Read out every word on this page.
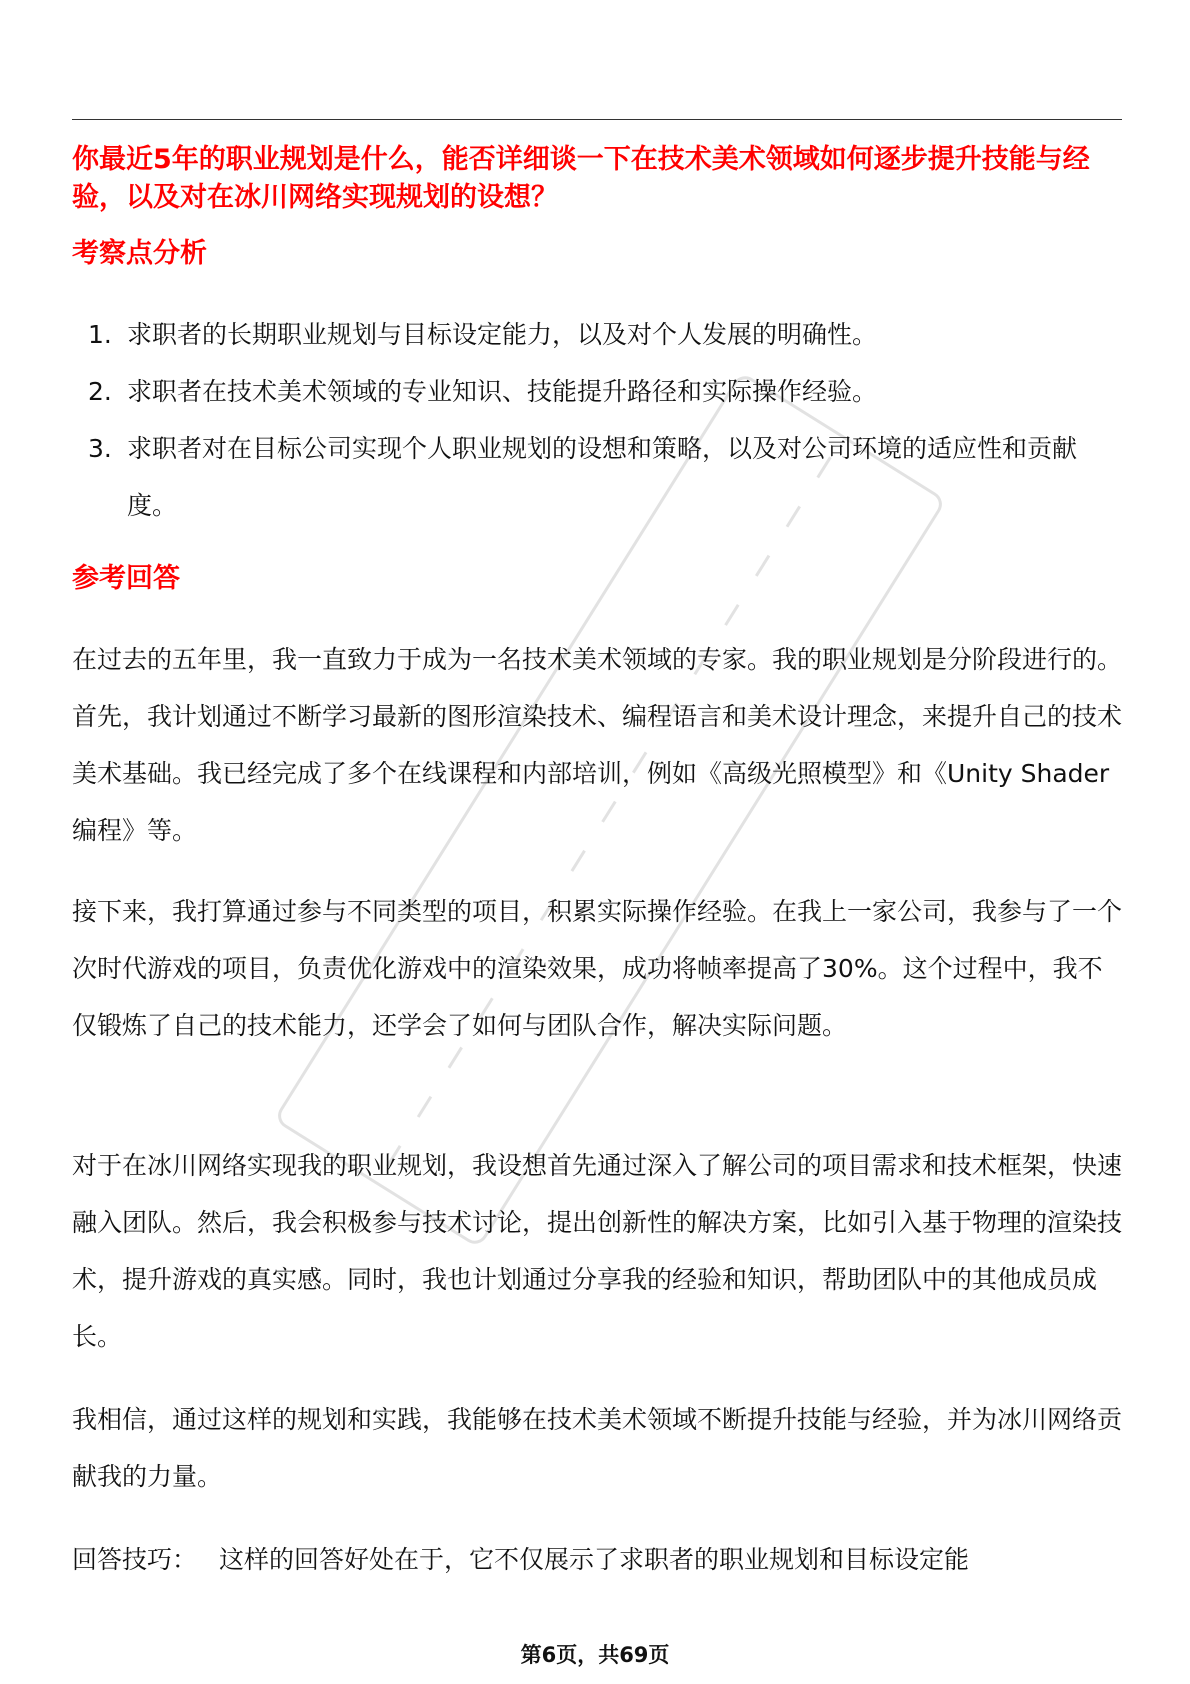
你最近5年的职业规划是什么，能否详细谈一下在技术美术领域如何逐步提升技能与经验，以及对在冰川网络实现规划的设想？

考察点分析
1. 求职者的长期职业规划与目标设定能力，以及对个人发展的明确性。
2. 求职者在技术美术领域的专业知识、技能提升路径和实际操作经验。
3. 求职者对在目标公司实现个人职业规划的设想和策略，以及对公司环境的适应性和贡献度。
参考回答

在过去的五年里，我一直致力于成为一名技术美术领域的专家。我的职业规划是分阶段进行的。首先，我计划通过不断学习最新的图形渲染技术、编程语言和美术设计理念，来提升自己的技术美术基础。我已经完成了多个在线课程和内部培训，例如《高级光照模型》和《Unity Shader编程》等。

接下来，我打算通过参与不同类型的项目，积累实际操作经验。在我上一家公司，我参与了一个次时代游戏的项目，负责优化游戏中的渲染效果，成功将帧率提高了30%。这个过程中，我不仅锻炼了自己的技术能力，还学会了如何与团队合作，解决实际问题。

对于在冰川网络实现我的职业规划，我设想首先通过深入了解公司的项目需求和技术框架，快速融入团队。然后，我会积极参与技术讨论，提出创新性的解决方案，比如引入基于物理的渲染技术，提升游戏的真实感。同时，我也计划通过分享我的经验和知识，帮助团队中的其他成员成长。

我相信，通过这样的规划和实践，我能够在技术美术领域不断提升技能与经验，并为冰川网络贡献我的力量。

回答技巧： 这样的回答好处在于，它不仅展示了求职者的职业规划和目标设定能

第6页，共69页
